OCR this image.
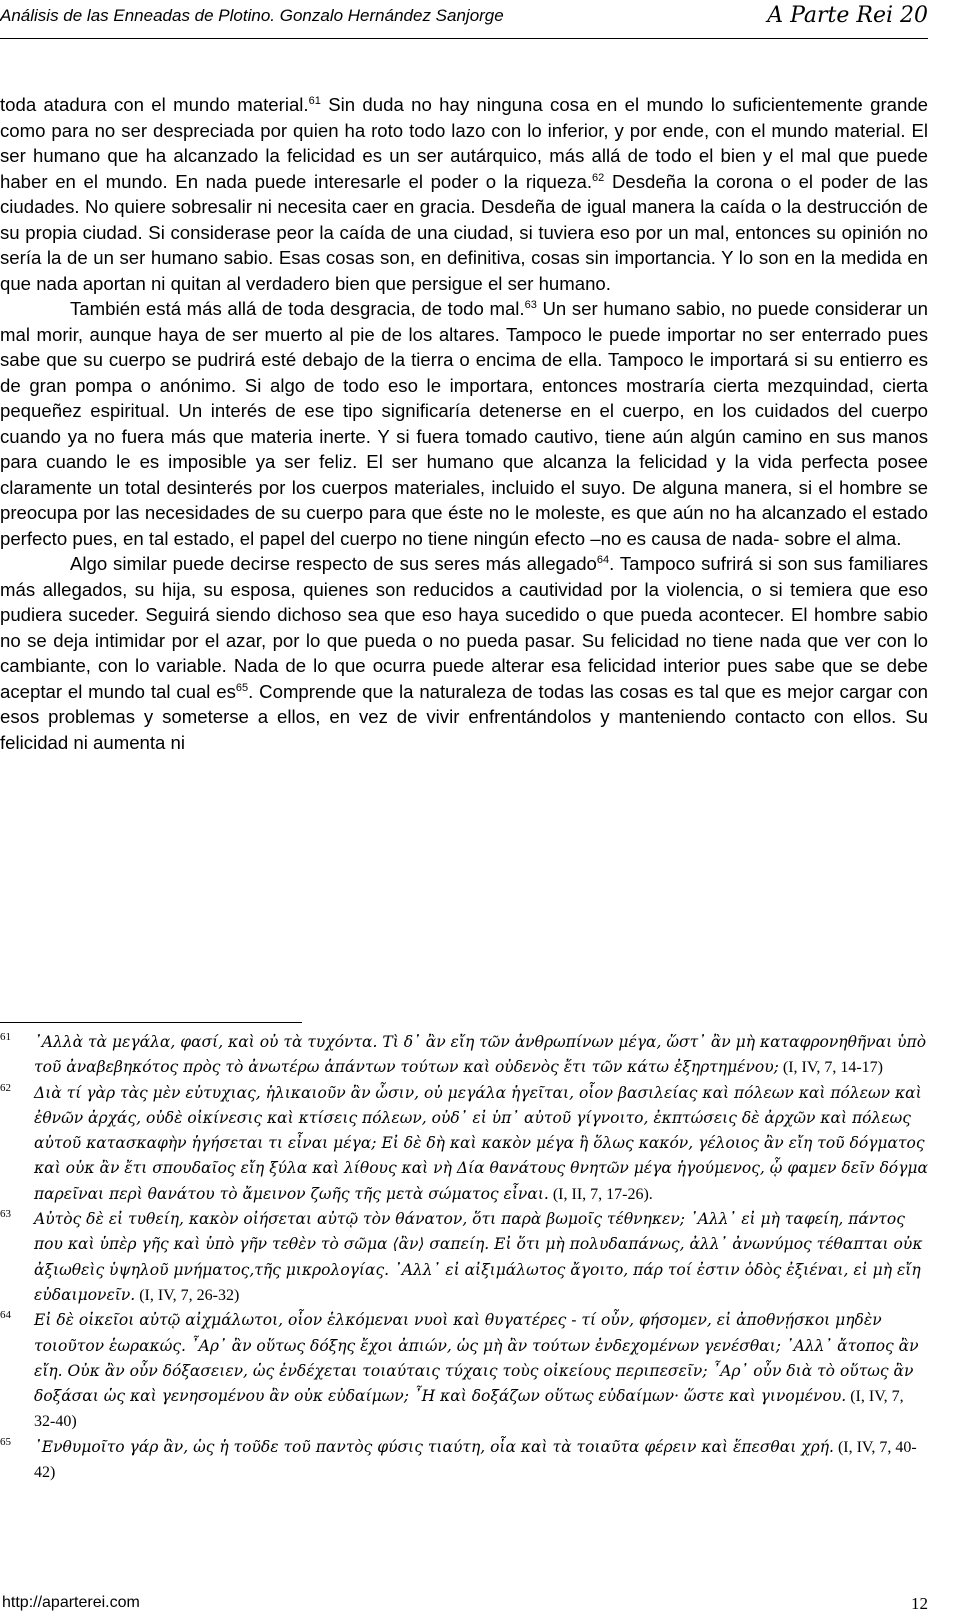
Análisis de las Enneadas de Plotino. Gonzalo Hernández Sanjorge	A Parte Rei 20

toda atadura con el mundo material.$^{61}$ Sin duda no hay ninguna cosa en el mundo lo suficientemente grande como para no ser despreciada por quien ha roto todo lazo con lo inferior, y por ende, con el mundo material. El ser humano que ha alcanzado la felicidad es un ser autárquico, más allá de todo el bien y el mal que puede haber en el mundo. En nada puede interesarle el poder o la riqueza.$^{62}$ Desdeña la corona o el poder de las ciudades. No quiere sobresalir ni necesita caer en gracia. Desdeña de igual manera la caída o la destrucción de su propia ciudad. Si considerase peor la caída de una ciudad, si tuviera eso por un mal, entonces su opinión no sería la de un ser humano sabio. Esas cosas son, en definitiva, cosas sin importancia. Y lo son en la medida en que nada aportan ni quitan al verdadero bien que persigue el ser humano.

También está más allá de toda desgracia, de todo mal.$^{63}$ Un ser humano sabio, no puede considerar un mal morir, aunque haya de ser muerto al pie de los altares. Tampoco le puede importar no ser enterrado pues sabe que su cuerpo se pudrirá esté debajo de la tierra o encima de ella. Tampoco le importará si su entierro es de gran pompa o anónimo. Si algo de todo eso le importara, entonces mostraría cierta mezquindad, cierta pequeñez espiritual. Un interés de ese tipo significaría detenerse en el cuerpo, en los cuidados del cuerpo cuando ya no fuera más que materia inerte. Y si fuera tomado cautivo, tiene aún algún camino en sus manos para cuando le es imposible ya ser feliz. El ser humano que alcanza la felicidad y la vida perfecta posee claramente un total desinterés por los cuerpos materiales, incluido el suyo. De alguna manera, si el hombre se preocupa por las necesidades de su cuerpo para que éste no le moleste, es que aún no ha alcanzado el estado perfecto pues, en tal estado, el papel del cuerpo no tiene ningún efecto –no es causa de nada- sobre el alma.

Algo similar puede decirse respecto de sus seres más allegado$^{64}$. Tampoco sufrirá si son sus familiares más allegados, su hija, su esposa, quienes son reducidos a cautividad por la violencia, o si temiera que eso pudiera suceder. Seguirá siendo dichoso sea que eso haya sucedido o que pueda acontecer. El hombre sabio no se deja intimidar por el azar, por lo que pueda o no pueda pasar. Su felicidad no tiene nada que ver con lo cambiante, con lo variable. Nada de lo que ocurra puede alterar esa felicidad interior pues sabe que se debe aceptar el mundo tal cual $es^{65}$. Comprende que la naturaleza de todas las cosas es tal que es mejor cargar con esos problemas y someterse a ellos, en vez de vivir enfrentándolos y manteniendo contacto con ellos. Su felicidad ni aumenta ni

61 ᾿Αλλὰ τὰ μεγάλα, φασί, καὶ οὐ τὰ τυχόντα. Τὶ δ᾿ ἂν εἴη τῶν ἀνθρωπίνων μέγα, ὥστ᾿ ἂν μὴ καταφρονηθῆναι ὑπὸ τοῦ ἀναβεβηκότος πρὸς τὸ ἀνωτέρω ἁπάντων τούτων καὶ οὐδενὸς ἔτι τῶν κάτω ἐξηρτημένου; (I, IV, 7, 14-17)
62 Διὰ τί γὰρ τὰς μὲν εὐτυχιας, ἡλικαιοῦν ἂν ὦσιν, οὐ μεγάλα ἡγεῖται, οἷον βασιλείας καὶ πόλεων καὶ πόλεων καὶ ἐθνῶν ἀρχάς, οὐδὲ οἰκίνεσις καὶ κτίσεις πόλεων, οὐδ᾿ εἰ ὑπ᾿ αὐτοῦ γίγνοιτο, ἐκπτώσεις δὲ ἀρχῶν καὶ πόλεως αὐτοῦ κατασκαφὴν ἡγήσεται τι εἶναι μέγα; Εἰ δὲ δὴ καὶ κακὸν μέγα ἢ ὅλως κακόν, γέλοιος ἂν εἴη τοῦ δόγματος καὶ οὐκ ἂν ἔτι σπουδαῖος εἴη ξύλα καὶ λίθους καὶ νὴ Δία θανάτους θνητῶν μέγα ἡγούμενος, ᾧ φαμεν δεῖν δόγμα παρεῖναι περὶ θανάτου τὸ ἄμεινον ζωῆς τῆς μετὰ σώματος εἶναι. (I, II, 7, 17-26).
63 Αὐτὸς δὲ εἰ τυθείη, κακὸν οἰήσεται αὐτῷ τὸν θάνατον, ὅτι παρὰ βωμοῖς τέθνηκεν; ᾿Αλλ᾿ εἰ μὴ ταφείη, πάντος που καὶ ὑπὲρ γῆς καὶ ὑπὸ γῆν τεθὲν τὸ σῶμα ⟨ἂν⟩ σαπείη. Εἰ ὅτι μὴ πολυδαπάνως, ἀλλ᾿ ἀνωνύμος τέθαπται οὐκ ἀξιωθεὶς ὑψηλοῦ μνήματος,τῆς μικρολογίας. ᾿Αλλ᾿ εἰ αἰξιμάλωτος ἄγοιτο, πάρ τοί ἐστιν ὁδὸς ἐξιέναι, εἰ μὴ εἴη εὐδαιμονεῖν. (I, IV, 7, 26-32)
64 Εἰ δὲ οἰκεῖοι αὐτῷ αἰχμάλωτοι, οἷον ἑλκόμεναι νυοὶ καὶ θυγατέρες - τί οὖν, φήσομεν, εἰ ἀποθνῄσκοι μηδὲν τοιοῦτον ἑωρακώς. ῏Αρ᾿ ἂν οὕτως δόξης ἔχοι ἀπιών, ὡς μὴ ἂν τούτων ἐνδεχομένων γενέσθαι; ᾿Αλλ᾿ ἄτοπος ἂν εἴη. Οὐκ ἂν οὖν δόξασειεν, ὡς ἐνδέχεται τοιαύταις τύχαις τοὺς οἰκείους περιπεσεῖν; ῏Αρ᾿ οὖν διὰ τὸ οὕτως ἂν δοξάσαι ὡς καὶ γενησομένου ἂν οὐκ εὐδαίμων; ῏Η καὶ δοξάζων οὕτως εὐδαίμων· ὥστε καὶ γινομένου. (I, IV, 7, 32-40)
65 ᾿Ενθυμοῖτο γάρ ἂν, ὡς ἡ τοῦδε τοῦ παντὸς φύσις τιαύτη, οἷα καὶ τὰ τοιαῦτα φέρειν καὶ ἕπεσθαι χρή. (I, IV, 7, 40-42)
http://aparterei.com	12
